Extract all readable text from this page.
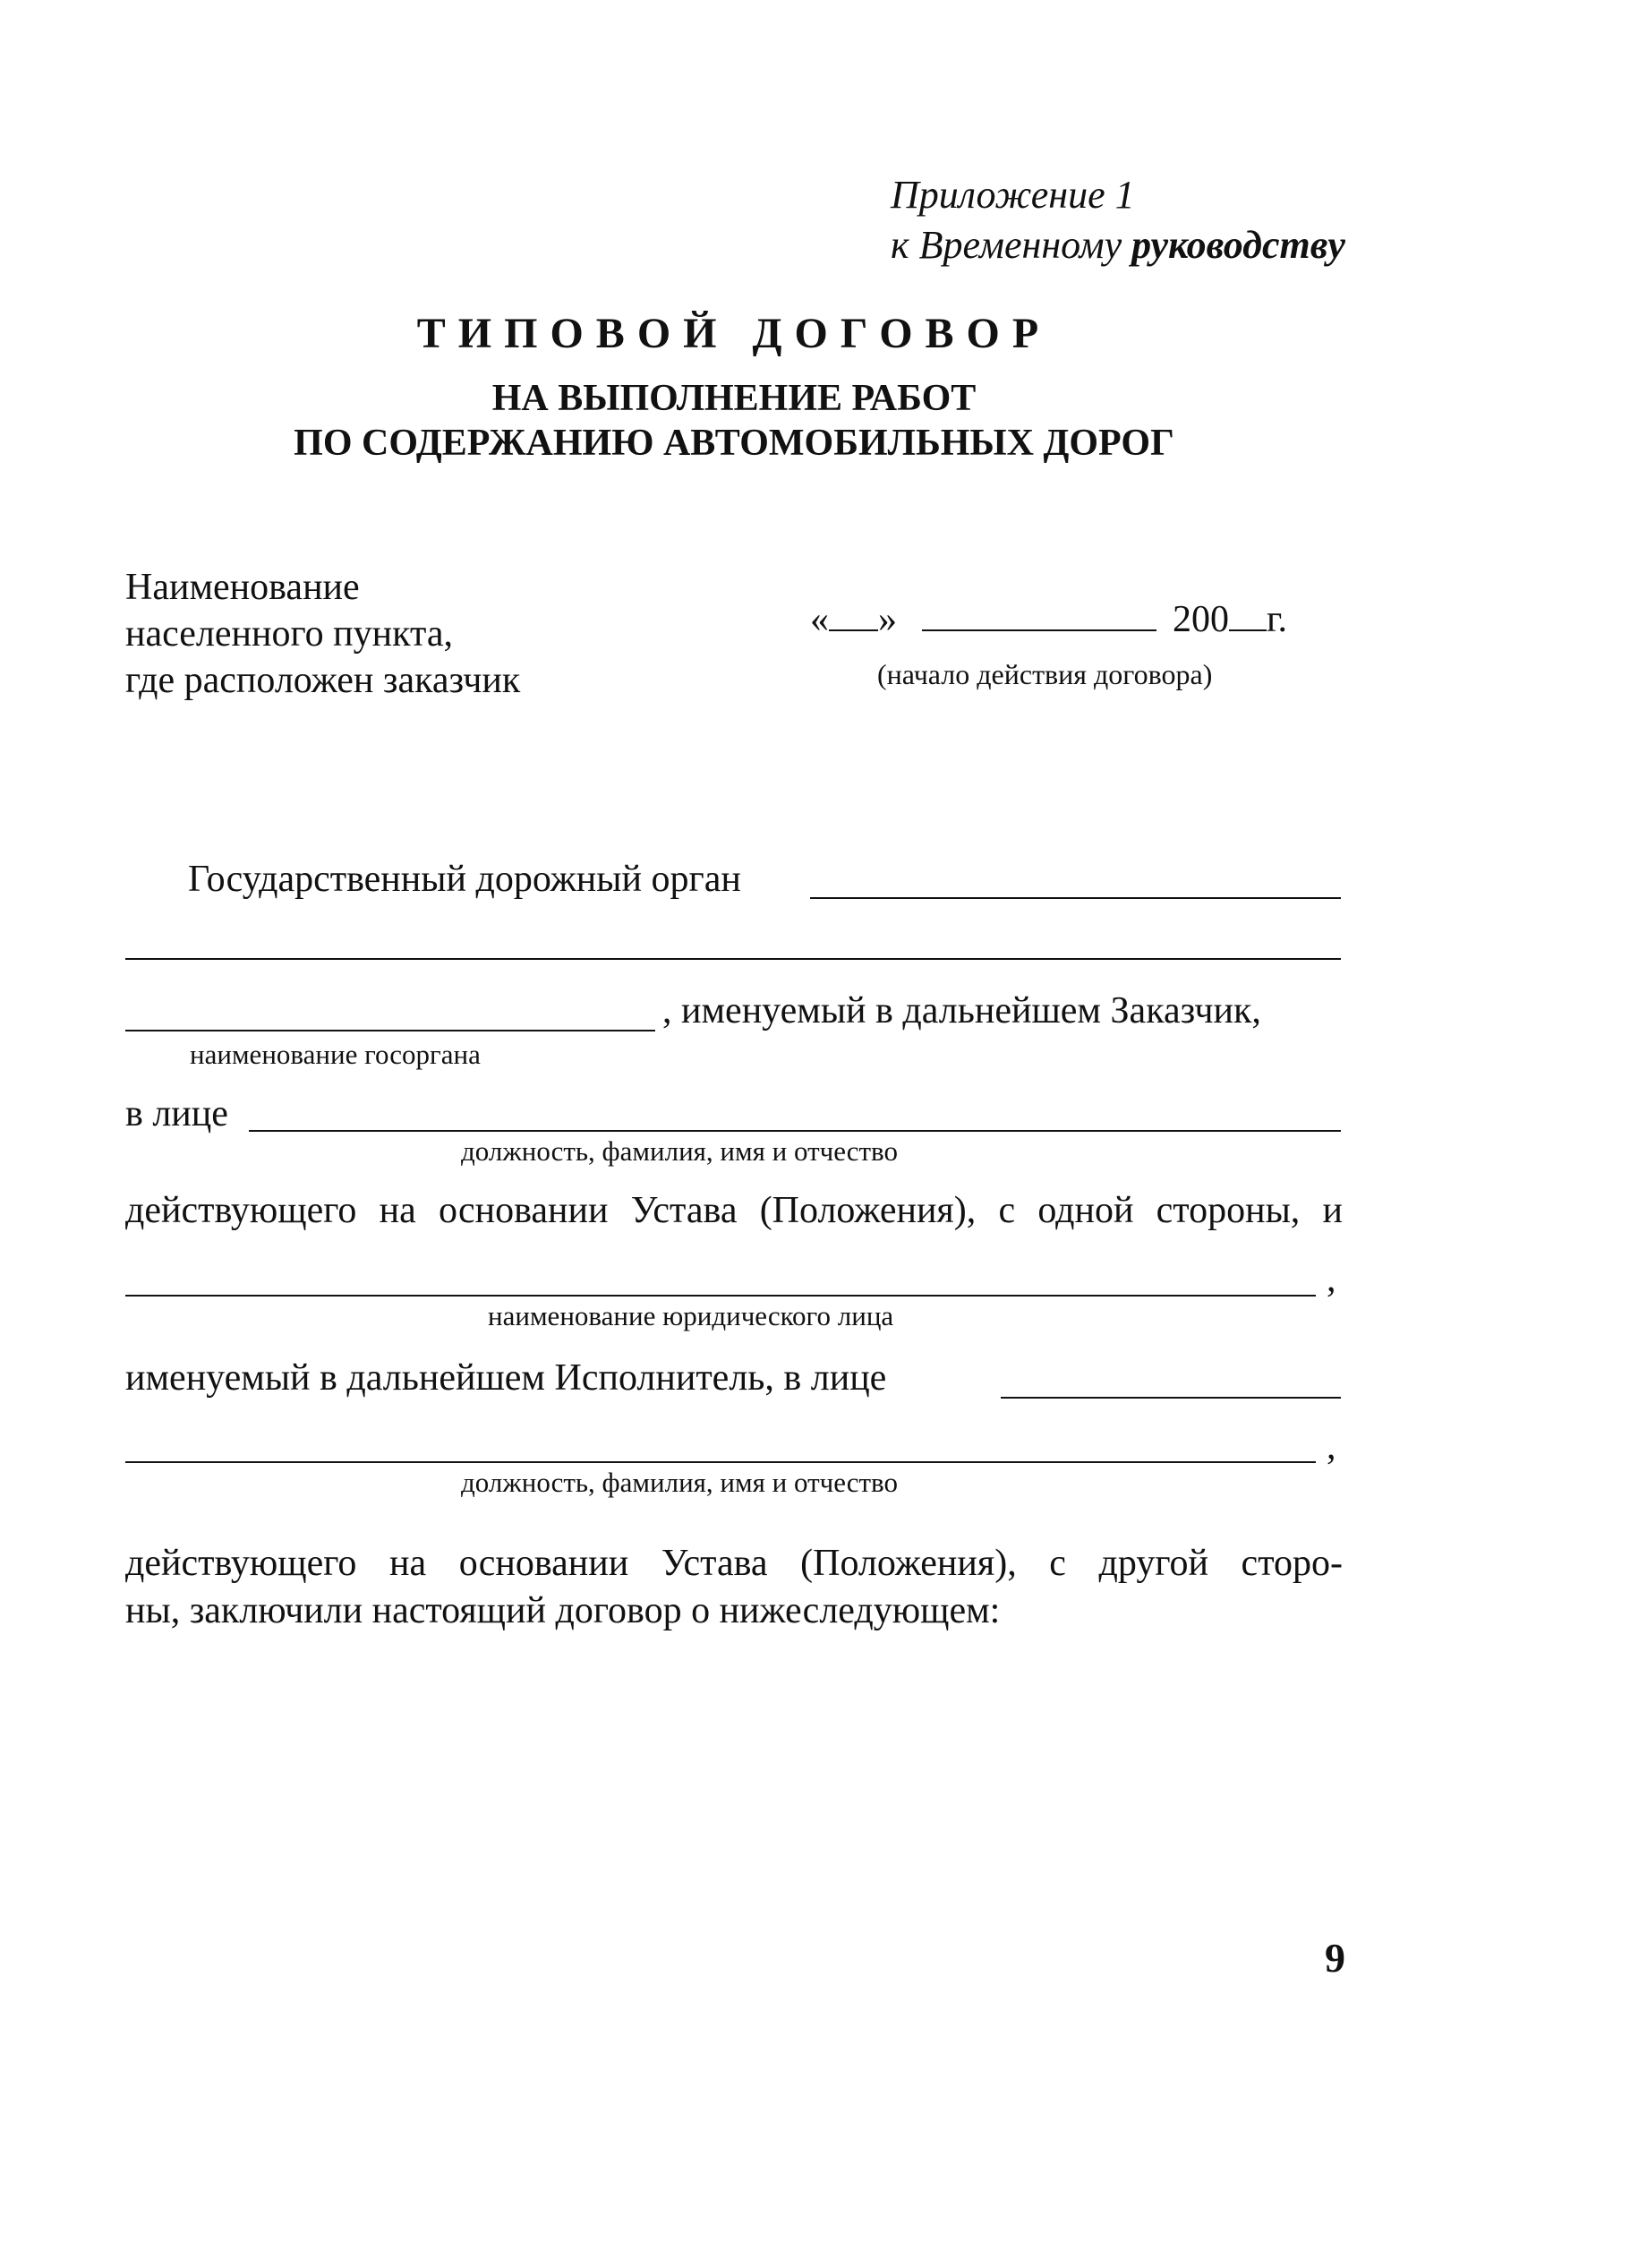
Приложение 1
к Временному руководству
ТИПОВОЙ ДОГОВОР
НА ВЫПОЛНЕНИЕ РАБОТ
ПО СОДЕРЖАНИЮ АВТОМОБИЛЬНЫХ ДОРОГ
Наименование
населенного пункта,
где расположен заказчик
« »	200 г.
(начало действия договора)
Государственный дорожный орган
, именуемый в дальнейшем Заказчик,
наименование госоргана
в лице
должность, фамилия, имя и отчество
действующего на основании Устава (Положения), с одной стороны, и
,
наименование юридического лица
именуемый в дальнейшем Исполнитель, в лице
,
должность, фамилия, имя и отчество
действующего на основании Устава (Положения), с другой сторо-
ны, заключили настоящий договор о нижеследующем:
9
